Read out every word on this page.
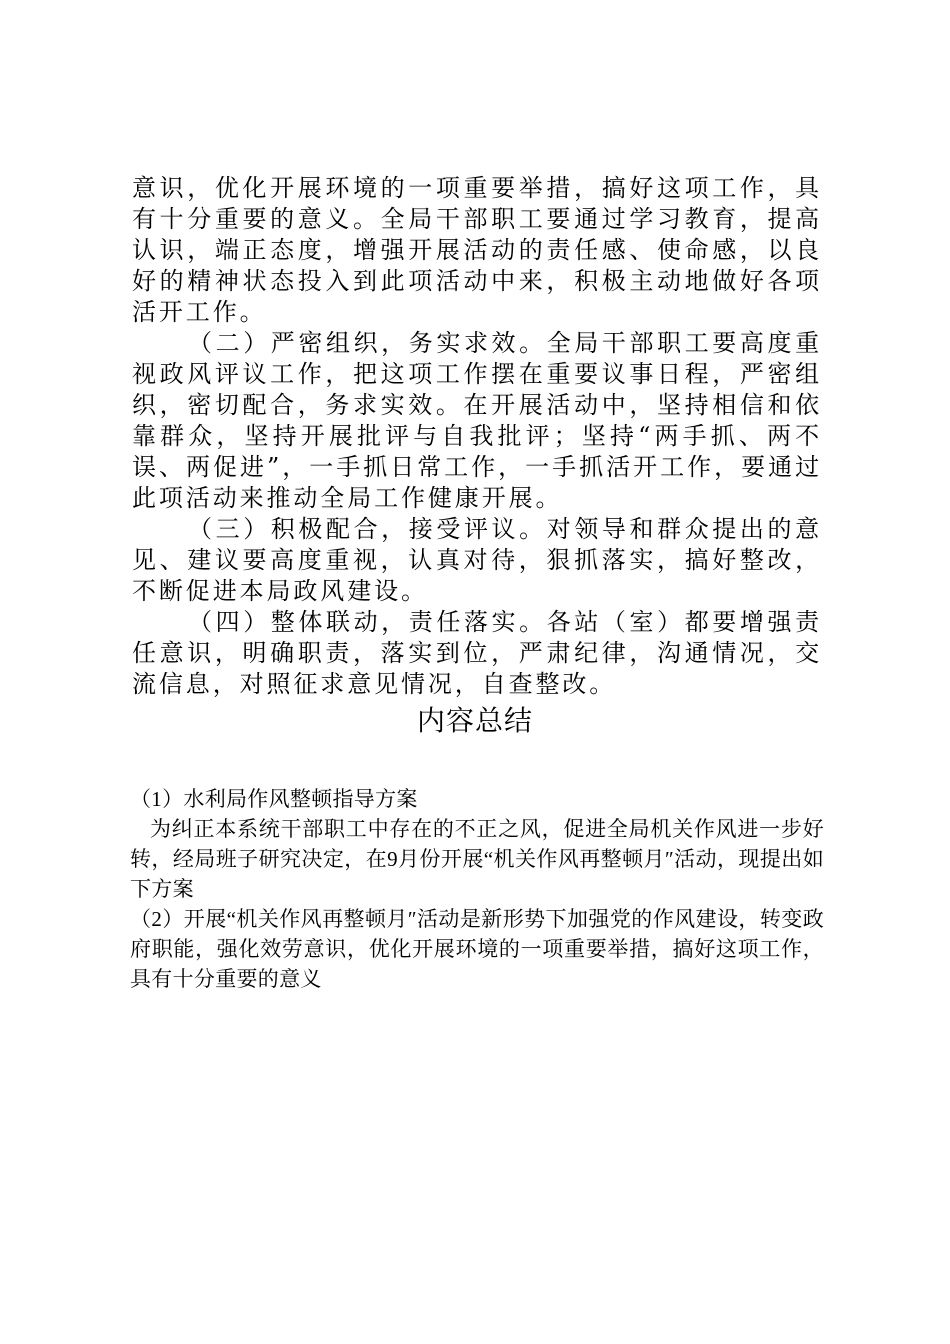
意识，优化开展环境的一项重要举措，搞好这项工作，具有十分重要的意义。全局干部职工要通过学习教育，提高认识，端正态度，增强开展活动的责任感、使命感，以良好的精神状态投入到此项活动中来，积极主动地做好各项活开工作。

（二）严密组织，务实求效。全局干部职工要高度重视政风评议工作，把这项工作摆在重要议事日程，严密组织，密切配合，务求实效。在开展活动中，坚持相信和依靠群众，坚持开展批评与自我批评；坚持“两手抓、两不误、两促进”，一手抓日常工作，一手抓活开工作，要通过此项活动来推动全局工作健康开展。

（三）积极配合，接受评议。对领导和群众提出的意见、建议要高度重视，认真对待，狠抓落实，搞好整改，不断促进本局政风建设。

（四）整体联动，责任落实。各站（室）都要增强责任意识，明确职责，落实到位，严肃纪律，沟通情况，交流信息，对照征求意见情况，自查整改。

内容总结

（1）水利局作风整顿指导方案

为纠正本系统干部职工中存在的不正之风，促进全局机关作风进一步好转，经局班子研究决定，在9月份开展“机关作风再整顿月″活动，现提出如下方案

（2）开展“机关作风再整顿月″活动是新形势下加强党的作风建设，转变政府职能，强化效劳意识，优化开展环境的一项重要举措，搞好这项工作，具有十分重要的意义
